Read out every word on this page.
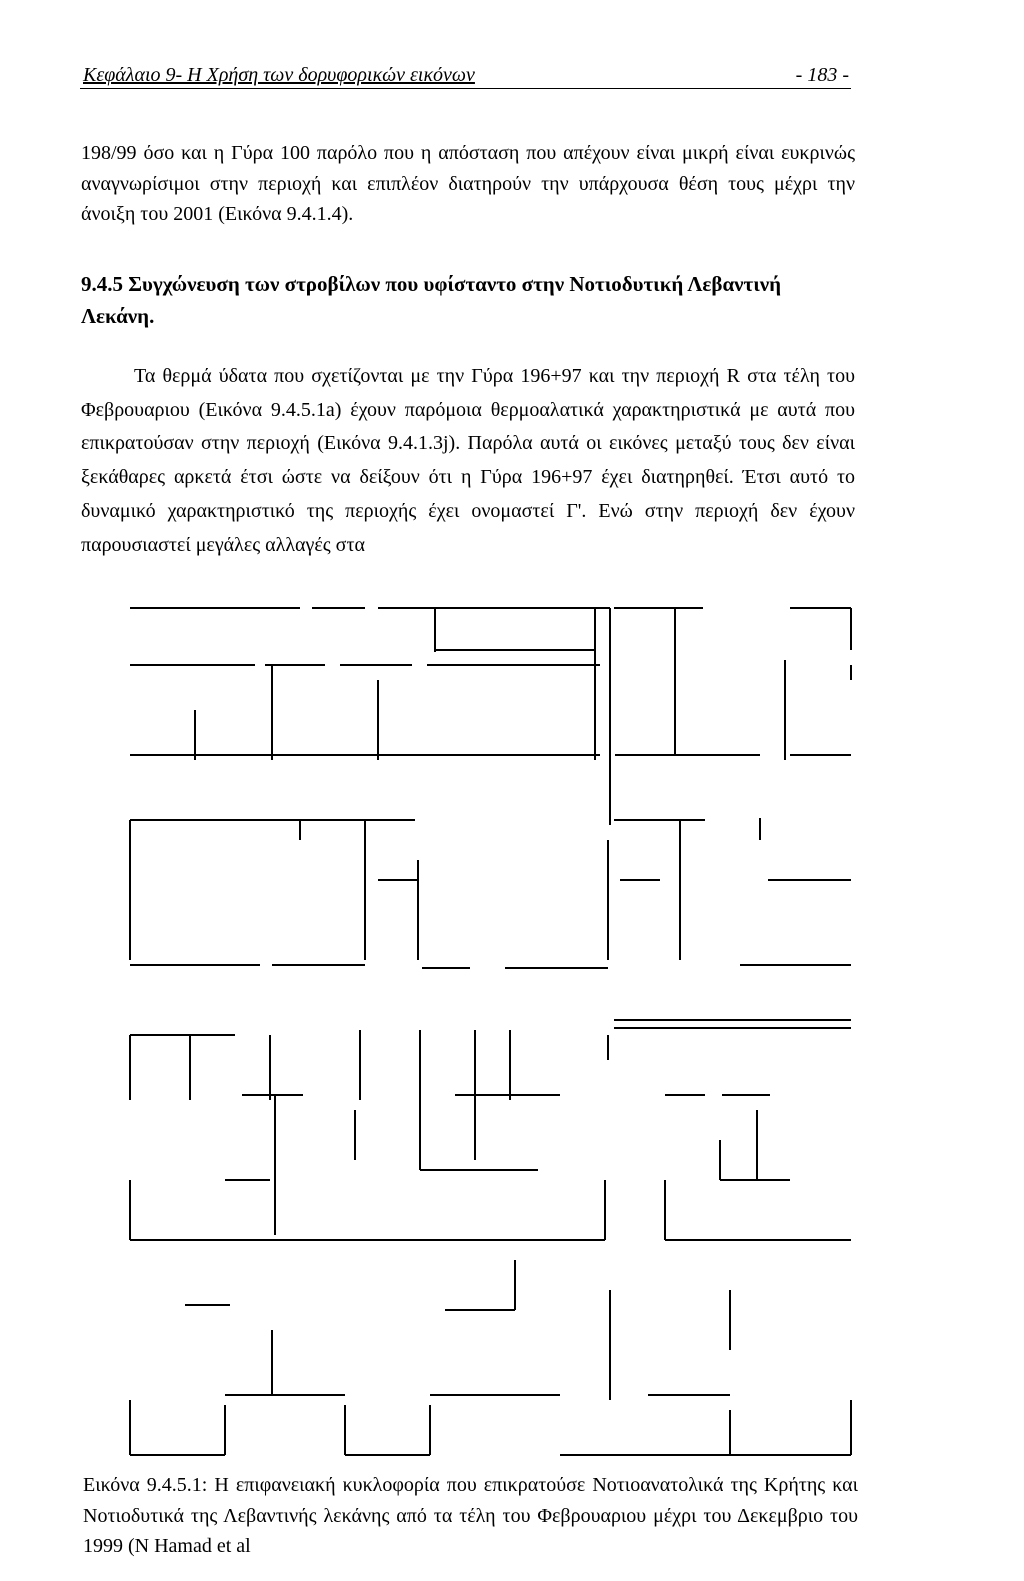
Κεφάλαιο 9- Η Χρήση των δορυφορικών εικόνων	- 183 -
198/99 όσο και η Γύρα 100 παρόλο που η απόσταση που απέχουν είναι μικρή είναι ευκρινώς αναγνωρίσιμοι στην περιοχή και επιπλέον διατηρούν την υπάρχουσα θέση τους μέχρι την άνοιξη του 2001 (Εικόνα 9.4.1.4).
9.4.5 Συγχώνευση των στροβίλων που υφίσταντο στην Νοτιοδυτική Λεβαντινή Λεκάνη.
Τα θερμά ύδατα που σχετίζονται με την Γύρα 196+97 και την περιοχή R στα τέλη του Φεβρουαριου (Εικόνα 9.4.5.1a) έχουν παρόμοια θερμοαλατικά χαρακτηριστικά με αυτά που επικρατούσαν στην περιοχή (Εικόνα 9.4.1.3j). Παρόλα αυτά οι εικόνες μεταξύ τους δεν είναι ξεκάθαρες αρκετά έτσι ώστε να δείξουν ότι η Γύρα 196+97 έχει διατηρηθεί. Έτσι αυτό το δυναμικό χαρακτηριστικό της περιοχής έχει ονομαστεί Γ'. Ενώ στην περιοχή δεν έχουν παρουσιαστεί μεγάλες αλλαγές στα
Εικόνα 9.4.5.1: Η επιφανειακή κυκλοφορία που επικρατούσε Νοτιοανατολικά της Κρήτης και Νοτιοδυτικά της Λεβαντινής λεκάνης από τα τέλη του Φεβρουαριου μέχρι του Δεκεμβριο του 1999 (N Hamad et al
